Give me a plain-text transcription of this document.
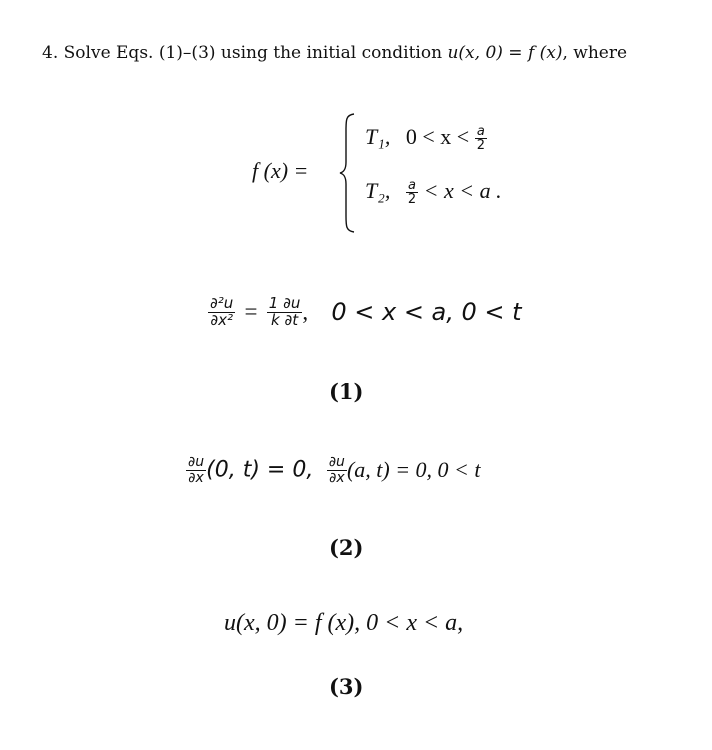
4. Solve Eqs. (1)–(3) using the initial condition u(x, 0) = f (x), where
f (x) =
T₁, $0 < x < \frac{a}{2}$
T₂, $\frac{a}{2} < x < a$ .
$\frac{\text{∂²u}}{\text{∂x²}} = \frac{1 \partial u}{k \partial t}$ , 0 < x < a, 0 < t
(1)
$\frac{\partial u}{\partial x} (0$, t) = 0, $\frac{\partial u}{\partial x} (a$, t) = 0, 0 < t
(2)
u(x, 0) = f (x), 0 < x < a,
(3)
